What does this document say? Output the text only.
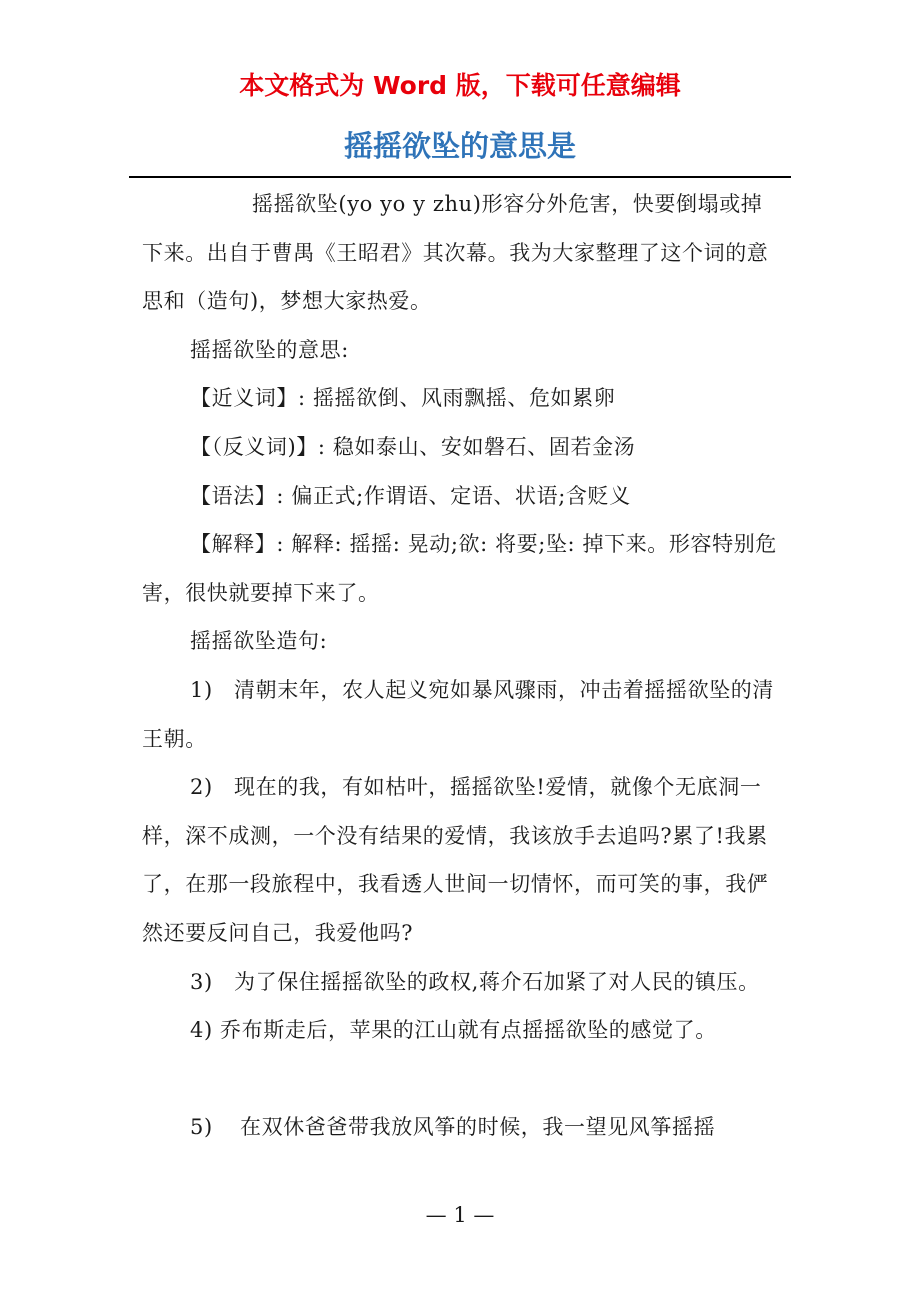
本文格式为 Word 版，下载可任意编辑
摇摇欲坠的意思是

摇摇欲坠(yo yo y zhu)形容分外危害，快要倒塌或掉下来。出自于曹禺《王昭君》其次幕。我为大家整理了这个词的意思和（造句)，梦想大家热爱。

摇摇欲坠的意思:

【近义词】: 摇摇欲倒、风雨飘摇、危如累卵

【（反义词)】: 稳如泰山、安如磐石、固若金汤

【语法】: 偏正式;作谓语、定语、状语;含贬义

【解释】: 解释: 摇摇: 晃动;欲: 将要;坠: 掉下来。形容特别危害，很快就要掉下来了。

摇摇欲坠造句:

1) 清朝末年，农人起义宛如暴风骤雨，冲击着摇摇欲坠的清王朝。

2) 现在的我，有如枯叶，摇摇欲坠!爱情，就像个无底洞一样，深不成测，一个没有结果的爱情，我该放手去追吗?累了!我累了，在那一段旅程中，我看透人世间一切情怀，而可笑的事，我俨然还要反问自己，我爱他吗?

3) 为了保住摇摇欲坠的政权,蒋介石加紧了对人民的镇压。

4) 乔布斯走后，苹果的江山就有点摇摇欲坠的感觉了。

5) 在双休爸爸带我放风筝的时候，我一望见风筝摇摇

— 1 —
